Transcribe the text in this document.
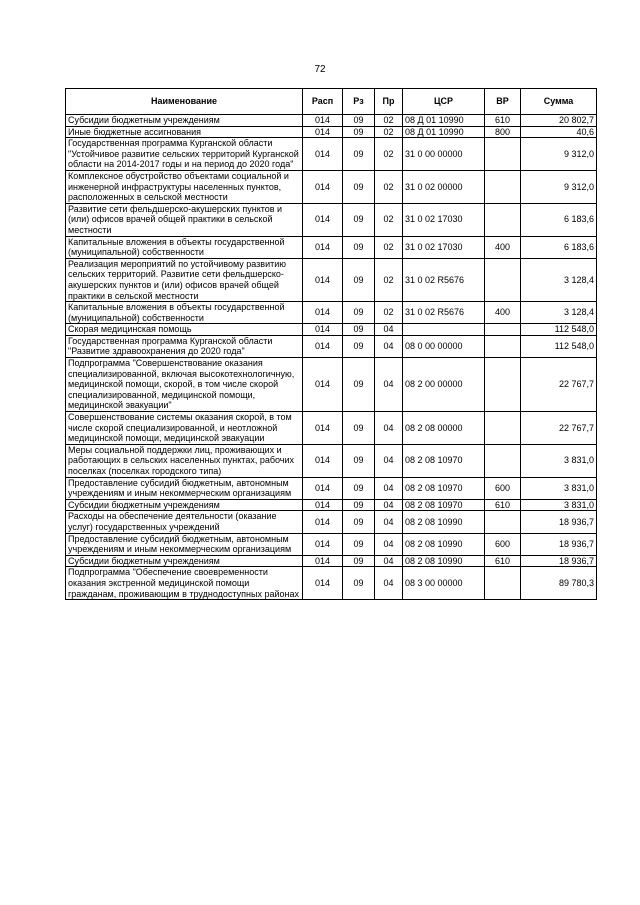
72
Наименование	Расп	Рз	Пр	ЦСР	ВР	Сумма
Субсидии бюджетным учреждениям	014	09	02	08 Д 01 10990	610	20 802,7
Иные бюджетные ассигнования	014	09	02	08 Д 01 10990	800	40,6
Государственная программа Курганской области "Устойчивое развитие сельских территорий Курганской области на 2014-2017 годы и на период до 2020 года"	014	09	02	31 0 00 00000		9 312,0
Комплексное обустройство объектами социальной и инженерной инфраструктуры населенных пунктов, расположенных в сельской местности	014	09	02	31 0 02 00000		9 312,0
Развитие сети фельдшерско-акушерских пунктов и (или) офисов врачей общей практики в сельской местности	014	09	02	31 0 02 17030		6 183,6
Капитальные вложения в объекты государственной (муниципальной) собственности	014	09	02	31 0 02 17030	400	6 183,6
Реализация мероприятий по устойчивому развитию сельских территорий. Развитие сети фельдшерско-акушерских пунктов и (или) офисов врачей общей практики в сельской местности	014	09	02	31 0 02 R5676		3 128,4
Капитальные вложения в объекты государственной (муниципальной) собственности	014	09	02	31 0 02 R5676	400	3 128,4
Скорая медицинская помощь	014	09	04			112 548,0
Государственная программа Курганской области "Развитие здравоохранения до 2020 года"	014	09	04	08 0 00 00000		112 548,0
Подпрограмма "Совершенствование оказания специализированной, включая высокотехнологичную, медицинской помощи, скорой, в том числе скорой специализированной, медицинской помощи, медицинской эвакуации"	014	09	04	08 2 00 00000		22 767,7
Совершенствование системы оказания скорой, в том числе скорой специализированной, и неотложной медицинской помощи, медицинской эвакуации	014	09	04	08 2 08 00000		22 767,7
Меры социальной поддержки лиц, проживающих и работающих в сельских населенных пунктах, рабочих поселках (поселках городского типа)	014	09	04	08 2 08 10970		3 831,0
Предоставление субсидий бюджетным, автономным учреждениям и иным некоммерческим организациям	014	09	04	08 2 08 10970	600	3 831,0
Субсидии бюджетным учреждениям	014	09	04	08 2 08 10970	610	3 831,0
Расходы на обеспечение деятельности (оказание услуг) государственных учреждений	014	09	04	08 2 08 10990		18 936,7
Предоставление субсидий бюджетным, автономным учреждениям и иным некоммерческим организациям	014	09	04	08 2 08 10990	600	18 936,7
Субсидии бюджетным учреждениям	014	09	04	08 2 08 10990	610	18 936,7
Подпрограмма "Обеспечение своевременности оказания экстренной медицинской помощи гражданам, проживающим в труднодоступных районах	014	09	04	08 3 00 00000		89 780,3
